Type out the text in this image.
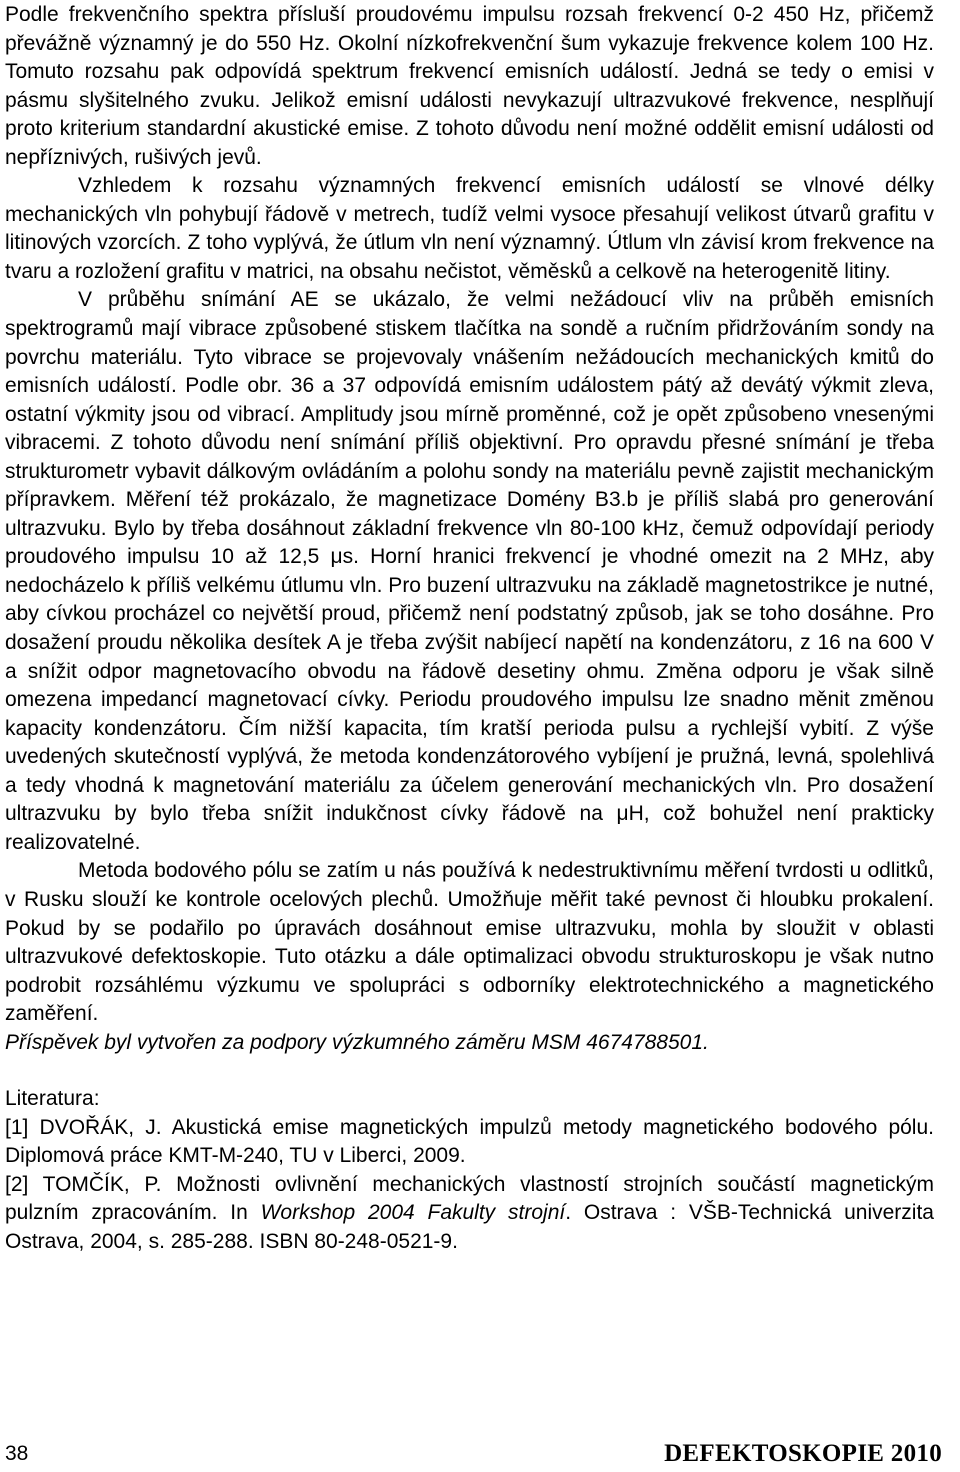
Podle frekvenčního spektra přísluší proudovému impulsu rozsah frekvencí 0-2 450 Hz, přičemž převážně významný je do 550 Hz. Okolní nízkofrekvenční šum vykazuje frekvence kolem 100 Hz. Tomuto rozsahu pak odpovídá spektrum frekvencí emisních událostí. Jedná se tedy o emisi v pásmu slyšitelného zvuku. Jelikož emisní události nevykazují ultrazvukové frekvence, nesplňují proto kriterium standardní akustické emise. Z tohoto důvodu není možné oddělit emisní události od nepříznivých, rušivých jevů.

Vzhledem k rozsahu významných frekvencí emisních událostí se vlnové délky mechanických vln pohybují řádově v metrech, tudíž velmi vysoce přesahují velikost útvarů grafitu v litinových vzorcích. Z toho vyplývá, že útlum vln není významný. Útlum vln závisí krom frekvence na tvaru a rozložení grafitu v matrici, na obsahu nečistot, věměsků a celkově na heterogenitě litiny.

V průběhu snímání AE se ukázalo, že velmi nežádoucí vliv na průběh emisních spektrogramů mají vibrace způsobené stiskem tlačítka na sondě a ručním přidržováním sondy na povrchu materiálu. Tyto vibrace se projevovaly vnášením nežádoucích mechanických kmitů do emisních událostí. Podle obr. 36 a 37 odpovídá emisním událostem pátý až devátý výkmit zleva, ostatní výkmity jsou od vibrací. Amplitudy jsou mírně proměnné, což je opět způsobeno vnesenými vibracemi. Z tohoto důvodu není snímání příliš objektivní. Pro opravdu přesné snímání je třeba strukturometr vybavit dálkovým ovládáním a polohu sondy na materiálu pevně zajistit mechanickým přípravkem. Měření též prokázalo, že magnetizace Domény B3.b je příliš slabá pro generování ultrazvuku. Bylo by třeba dosáhnout základní frekvence vln 80-100 kHz, čemuž odpovídají periody proudového impulsu 10 až 12,5 μs. Horní hranici frekvencí je vhodné omezit na 2 MHz, aby nedocházelo k příliš velkému útlumu vln. Pro buzení ultrazvuku na základě magnetostrikce je nutné, aby cívkou procházel co největší proud, přičemž není podstatný způsob, jak se toho dosáhne. Pro dosažení proudu několika desítek A je třeba zvýšit nabíjecí napětí na kondenzátoru, z 16 na 600 V a snížit odpor magnetovacího obvodu na řádově desetiny ohmu. Změna odporu je však silně omezena impedancí magnetovací cívky. Periodu proudového impulsu lze snadno měnit změnou kapacity kondenzátoru. Čím nižší kapacita, tím kratší perioda pulsu a rychlejší vybití. Z výše uvedených skutečností vyplývá, že metoda kondenzátorového vybíjení je pružná, levná, spolehlivá a tedy vhodná k magnetování materiálu za účelem generování mechanických vln. Pro dosažení ultrazvuku by bylo třeba snížit indukčnost cívky řádově na μH, což bohužel není prakticky realizovatelné.

Metoda bodového pólu se zatím u nás používá k nedestruktivnímu měření tvrdosti u odlitků, v Rusku slouží ke kontrole ocelových plechů. Umožňuje měřit také pevnost či hloubku prokalení. Pokud by se podařilo po úpravách dosáhnout emise ultrazvuku, mohla by sloužit v oblasti ultrazvukové defektoskopie. Tuto otázku a dále optimalizaci obvodu strukturoskopu je však nutno podrobit rozsáhlému výzkumu ve spolupráci s odborníky elektrotechnického a magnetického zaměření.

Příspěvek byl vytvořen za podpory výzkumného záměru MSM 4674788501.

Literatura:

[1] DVOŘÁK, J. Akustická emise magnetických impulzů metody magnetického bodového pólu. Diplomová práce KMT-M-240, TU v Liberci, 2009.

[2] TOMČÍK, P. Možnosti ovlivnění mechanických vlastností strojních součástí magnetickým pulzním zpracováním. In Workshop 2004 Fakulty strojní. Ostrava : VŠB-Technická univerzita Ostrava, 2004, s. 285-288. ISBN 80-248-0521-9.

38	DEFEKTOSKOPIE 2010
